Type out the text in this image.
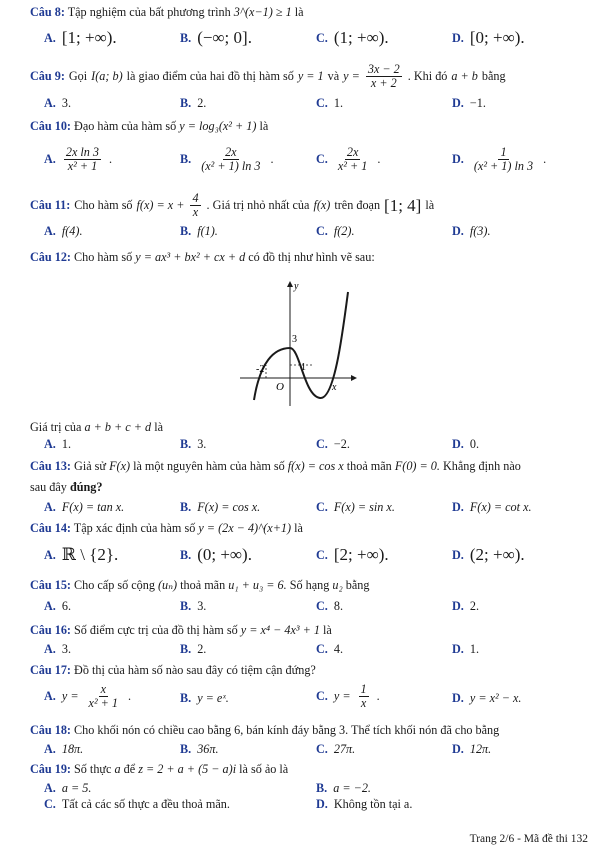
Câu 8: Tập nghiệm của bất phương trình 3^(x−1) ≥ 1 là
A. [1; +∞).	B. (−∞; 0].	C. (1; +∞).	D. [0; +∞).
Câu 9: Gọi I(a; b) là giao điểm của hai đồ thị hàm số y = 1 và $y = \frac{3x - 2}{x + 2}$ . Khi đó a + b bằng
A. 3.	B. 2.	C. 1.	D. −1.
Câu 10: Đạo hàm của hàm số y = log₃(x² + 1) là
A. $\frac{\text{2x ln 3}}{\text{x² + 1}}$ .	B. $\frac{2x}{\text{(x² + 1) ln 3}}$ .	C. $\frac{2x}{\text{x² + 1}}$ .	D. $\frac{1}{\text{(x² + 1) ln 3}}$ .
Câu 11: Cho hàm số $f(x) = x + \frac{4}{x}$ . Giá trị nhỏ nhất của f(x) trên đoạn [1; 4] là
A. f(4).	B. f(1).	C. f(2).	D. f(3).
Câu 12: Cho hàm số y = ax³ + bx² + cx + d có đồ thị như hình vẽ sau:
y
x
O
3
1
-2
Giá trị của a + b + c + d là
A. 1.	B. 3.	C. −2.	D. 0.
Câu 13: Giả sử F(x) là một nguyên hàm của hàm số f(x) = cos x thoả mãn F(0) = 0. Khẳng định nào
sau đây đúng?
A. F(x) = tan x.	B. F(x) = cos x.	C. F(x) = sin x.	D. F(x) = cot x.
Câu 14: Tập xác định của hàm số y = (2x − 4)^(x+1) là
A. ℝ \ {2}.	B. (0; +∞).	C. [2; +∞).	D. (2; +∞).
Câu 15: Cho cấp số cộng (uₙ) thoả mãn u₁ + u₃ = 6. Số hạng u₂ bằng
A. 6.	B. 3.	C. 8.	D. 2.
Câu 16: Số điểm cực trị của đồ thị hàm số y = x⁴ − 4x³ + 1 là
A. 3.	B. 2.	C. 4.	D. 1.
Câu 17: Đồ thị của hàm số nào sau đây có tiệm cận đứng?
A. $y = \frac{x}{\text{x² + 1}}$ .	B. y = eˣ.	C. $y = \frac{1}{x}$ .	D. y = x² − x.
Câu 18: Cho khối nón có chiều cao bằng 6, bán kính đáy bằng 3. Thể tích khối nón đã cho bằng
A. 18π.	B. 36π.	C. 27π.	D. 12π.
Câu 19: Số thực a để z = 2 + a + (5 − a)i là số ảo là
A. a = 5.	B. a = −2.
C. Tất cả các số thực a đều thoả mãn.	D. Không tồn tại a.
Trang 2/6 - Mã đề thi 132
